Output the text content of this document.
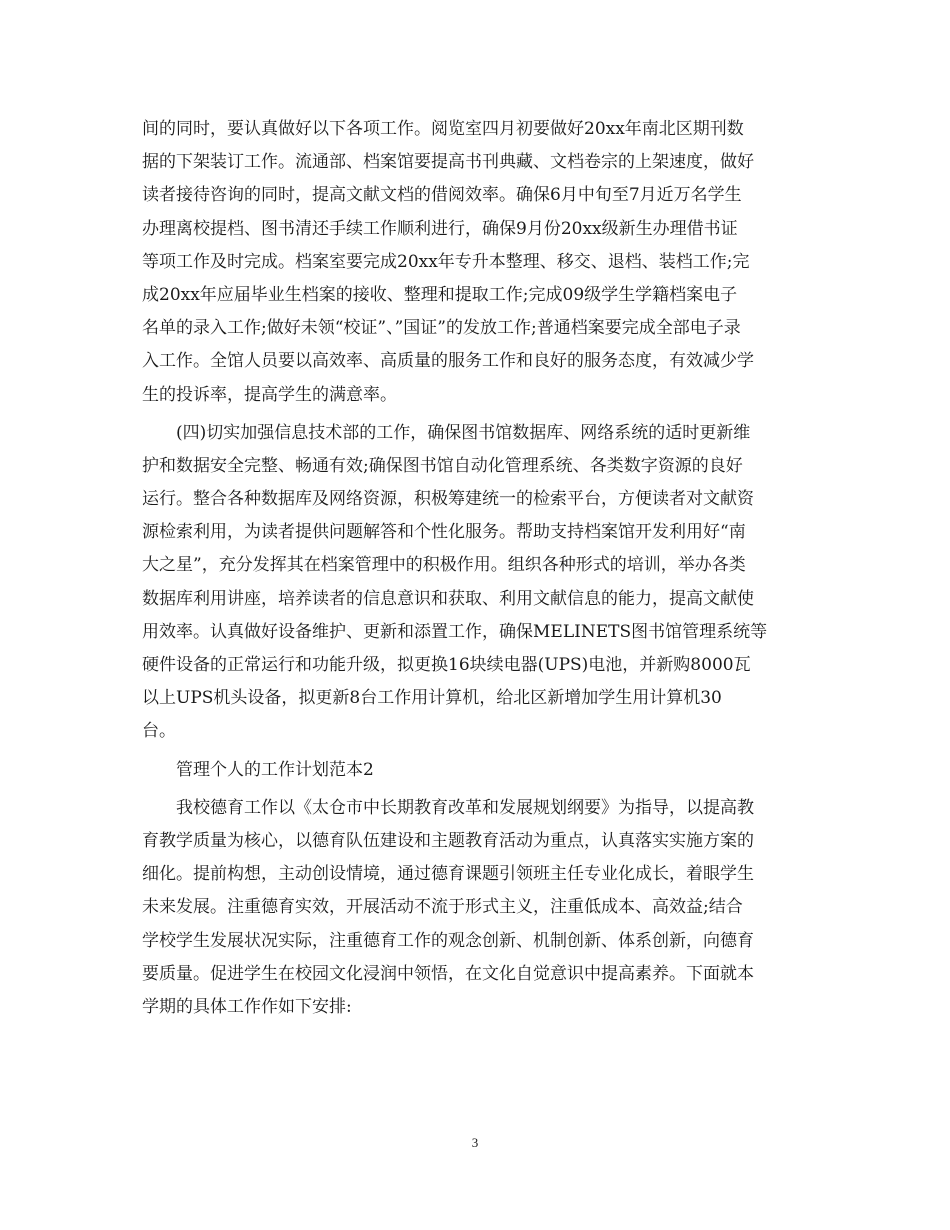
间的同时，要认真做好以下各项工作。阅览室四月初要做好20xx年南北区期刊数
据的下架装订工作。流通部、档案馆要提高书刊典藏、文档卷宗的上架速度，做好
读者接待咨询的同时，提高文献文档的借阅效率。确保6月中旬至7月近万名学生
办理离校提档、图书清还手续工作顺利进行，确保9月份20xx级新生办理借书证
等项工作及时完成。档案室要完成20xx年专升本整理、移交、退档、装档工作;完
成20xx年应届毕业生档案的接收、整理和提取工作;完成09级学生学籍档案电子
名单的录入工作;做好未领“校证”、”国证”的发放工作;普通档案要完成全部电子录
入工作。全馆人员要以高效率、高质量的服务工作和良好的服务态度，有效减少学
生的投诉率，提高学生的满意率。
(四)切实加强信息技术部的工作，确保图书馆数据库、网络系统的适时更新维
护和数据安全完整、畅通有效;确保图书馆自动化管理系统、各类数字资源的良好
运行。整合各种数据库及网络资源，积极筹建统一的检索平台，方便读者对文献资
源检索利用，为读者提供问题解答和个性化服务。帮助支持档案馆开发利用好“南
大之星”，充分发挥其在档案管理中的积极作用。组织各种形式的培训，举办各类
数据库利用讲座，培养读者的信息意识和获取、利用文献信息的能力，提高文献使
用效率。认真做好设备维护、更新和添置工作，确保MELINETS图书馆管理系统等
硬件设备的正常运行和功能升级，拟更换16块续电器(UPS)电池，并新购8000瓦
以上UPS机头设备，拟更新8台工作用计算机，给北区新增加学生用计算机30
台。
管理个人的工作计划范本2
我校德育工作以《太仓市中长期教育改革和发展规划纲要》为指导，以提高教
育教学质量为核心，以德育队伍建设和主题教育活动为重点，认真落实实施方案的
细化。提前构想，主动创设情境，通过德育课题引领班主任专业化成长，着眼学生
未来发展。注重德育实效，开展活动不流于形式主义，注重低成本、高效益;结合
学校学生发展状况实际，注重德育工作的观念创新、机制创新、体系创新，向德育
要质量。促进学生在校园文化浸润中领悟，在文化自觉意识中提高素养。下面就本
学期的具体工作作如下安排:
3
